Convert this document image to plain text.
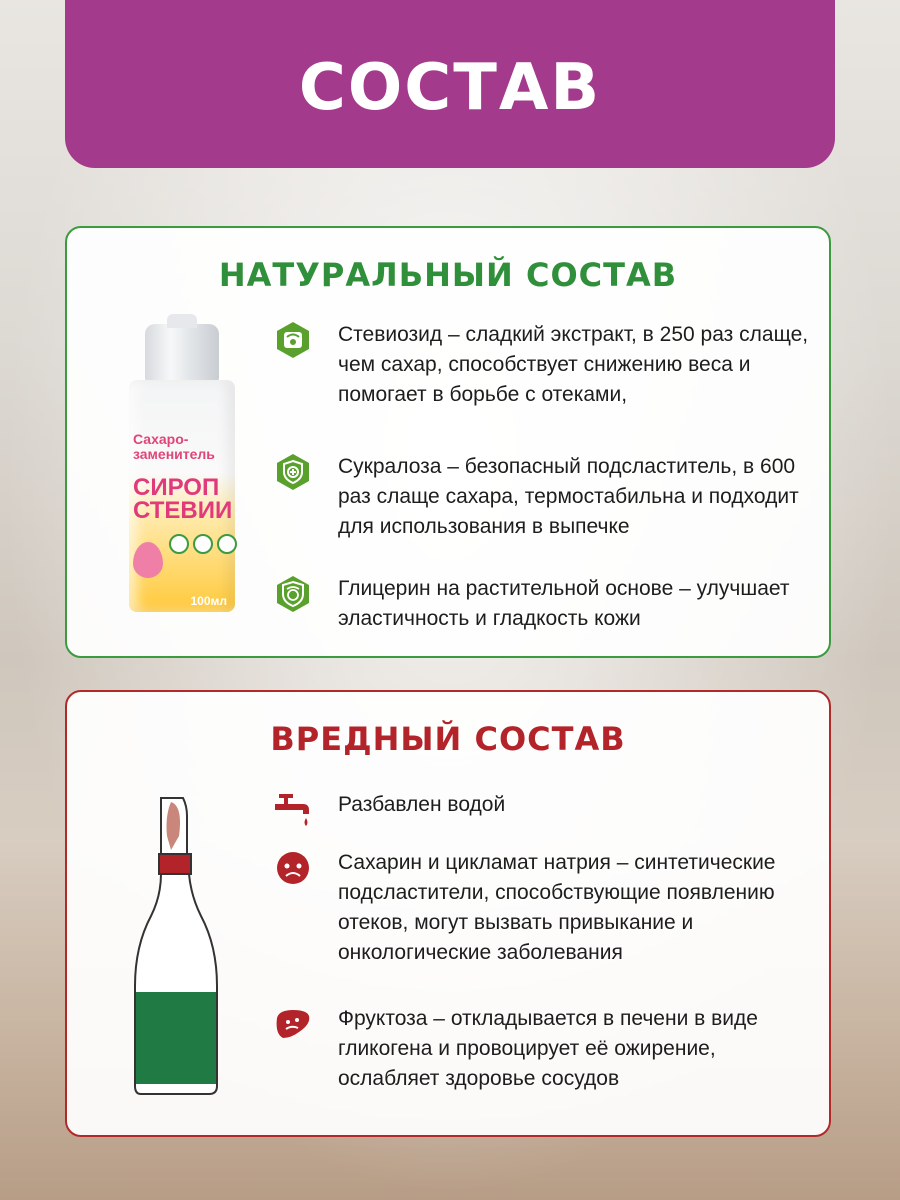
СОСТАВ
НАТУРАЛЬНЫЙ СОСТАВ
Сахаро-
заменитель
СИРОП
СТЕВИИ
100мл
Стевиозид – сладкий экстракт, в 250 раз слаще, чем сахар, способствует снижению веса и помогает в борьбе с отеками,
Сукралоза – безопасный подсластитель, в 600 раз слаще сахара, термостабильна и подходит для использования в выпечке
Глицерин на растительной основе – улучшает эластичность и гладкость кожи
ВРЕДНЫЙ СОСТАВ
Разбавлен водой
Сахарин и цикламат натрия – синтетические подсластители, способствующие появлению отеков, могут вызвать привыкание и онкологические заболевания
Фруктоза – откладывается в печени в виде гликогена и провоцирует её ожирение, ослабляет здоровье сосудов
